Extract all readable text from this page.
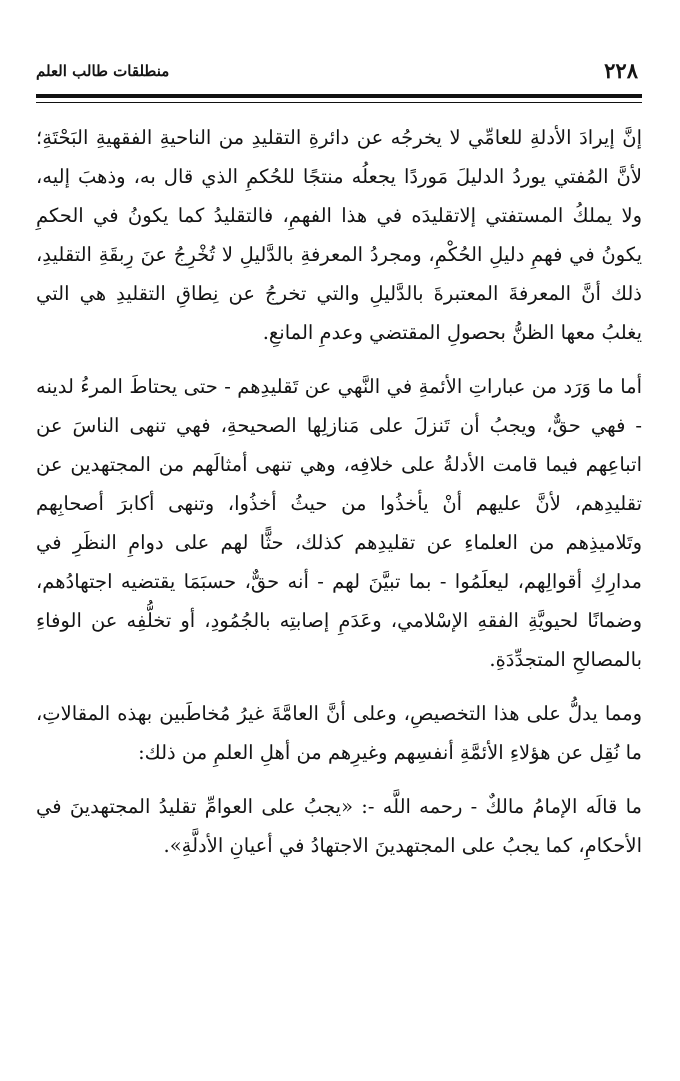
٢٢٨
منطلقات طالب العلم

إنَّ إيرادَ الأدلةِ للعامِّي لا يخرجُه عن دائرةِ التقليدِ من الناحيةِ الفقهيةِ البَحْتَةِ؛ لأنَّ المُفتي يوردُ الدليلَ مَوردًا يجعلُه منتجًا للحُكمِ الذي قال به، وذهبَ إليه، ولا يملكُ المستفتي إلاتقليدَه في هذا الفهمِ، فالتقليدُ كما يكونُ في الحكمِ يكونُ في فهمِ دليلِ الحُكْمِ، ومجردُ المعرفةِ بالدَّليلِ لا تُخْرِجُ عنَ رِبقَةِ التقليدِ، ذلك أنَّ المعرفةَ المعتبرةَ بالدَّليلِ والتي تخرجُ عن نِطاقِ التقليدِ هي التي يغلبُ معها الظنُّ بحصولِ المقتضي وعدمِ المانعِ.

أما ما وَرَد من عباراتِ الأئمةِ في النَّهي عن تَقليدِهم - حتى يحتاطَ المرءُ لدينه - فهي حقٌّ، ويجبُ أن تَنزلَ على مَنازلِها الصحيحةِ، فهي تنهى الناسَ عن اتباعِهم فيما قامت الأدلةُ على خلافِه، وهي تنهى أمثالَهم من المجتهدين عن تقليدِهم، لأنَّ عليهم أنْ يأخذُوا من حيثُ أخذُوا، وتنهى أكابرَ أصحابِهم وتَلاميذِهم من العلماءِ عن تقليدِهم كذلك، حثًّا لهم على دوامِ النظَرِ في مدارِكِ أقوالِهم، ليعلَمُوا - بما تبيَّنَ لهم - أنه حقٌّ، حسبَمَا يقتضيه اجتهادُهم، وضمانًا لحيويَّةِ الفقهِ الإسْلامي، وعَدَمِ إصابتِه بالجُمُودِ، أو تخلُّفِه عن الوفاءِ بالمصالحِ المتجدِّدَةِ.

ومما يدلُّ على هذا التخصيصِ، وعلى أنَّ العامَّةَ غيرُ مُخاطَبين بهذه المقالاتِ، ما نُقِل عن هؤلاءِ الأئمَّةِ أنفسِهم وغيرِهم من أهلِ العلمِ من ذلك:

ما قالَه الإمامُ مالكٌ - رحمه اللَّه -: «يجبُ على العوامِّ تقليدُ المجتهدينَ في الأحكامِ، كما يجبُ على المجتهدينَ الاجتهادُ في أعيانِ الأدلَّةِ».
